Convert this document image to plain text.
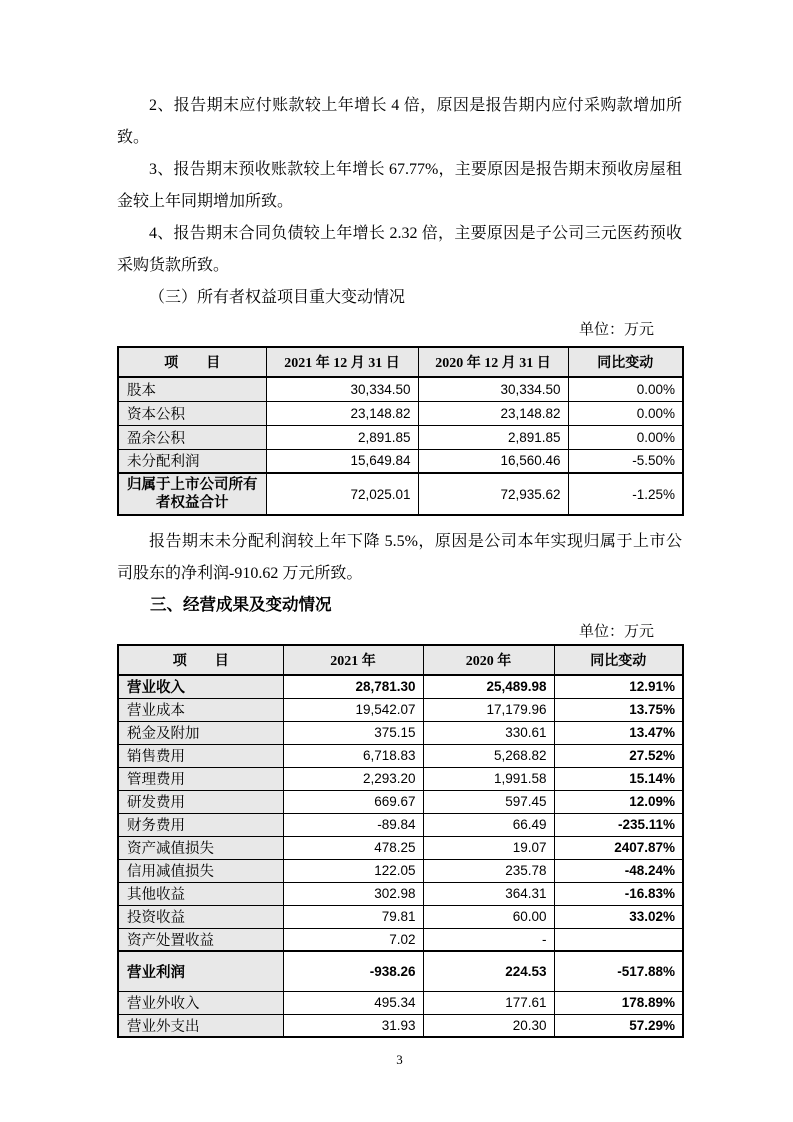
2、报告期末应付账款较上年增长 4 倍，原因是报告期内应付采购款增加所致。

3、报告期末预收账款较上年增长 67.77%，主要原因是报告期末预收房屋租金较上年同期增加所致。

4、报告期末合同负债较上年增长 2.32 倍，主要原因是子公司三元医药预收采购货款所致。

（三）所有者权益项目重大变动情况

单位：万元
项　　目	2021 年 12 月 31 日	2020 年 12 月 31 日	同比变动
股本	30,334.50	30,334.50	0.00%
资本公积	23,148.82	23,148.82	0.00%
盈余公积	2,891.85	2,891.85	0.00%
未分配利润	15,649.84	16,560.46	-5.50%
归属于上市公司所有者权益合计	72,025.01	72,935.62	-1.25%

报告期末未分配利润较上年下降 5.5%，原因是公司本年实现归属于上市公司股东的净利润-910.62 万元所致。

三、经营成果及变动情况

单位：万元
项　　目	2021 年	2020 年	同比变动
营业收入	28,781.30	25,489.98	12.91%
营业成本	19,542.07	17,179.96	13.75%
税金及附加	375.15	330.61	13.47%
销售费用	6,718.83	5,268.82	27.52%
管理费用	2,293.20	1,991.58	15.14%
研发费用	669.67	597.45	12.09%
财务费用	-89.84	66.49	-235.11%
资产减值损失	478.25	19.07	2407.87%
信用减值损失	122.05	235.78	-48.24%
其他收益	302.98	364.31	-16.83%
投资收益	79.81	60.00	33.02%
资产处置收益	7.02	-	
营业利润	-938.26	224.53	-517.88%
营业外收入	495.34	177.61	178.89%
营业外支出	31.93	20.30	57.29%
3
